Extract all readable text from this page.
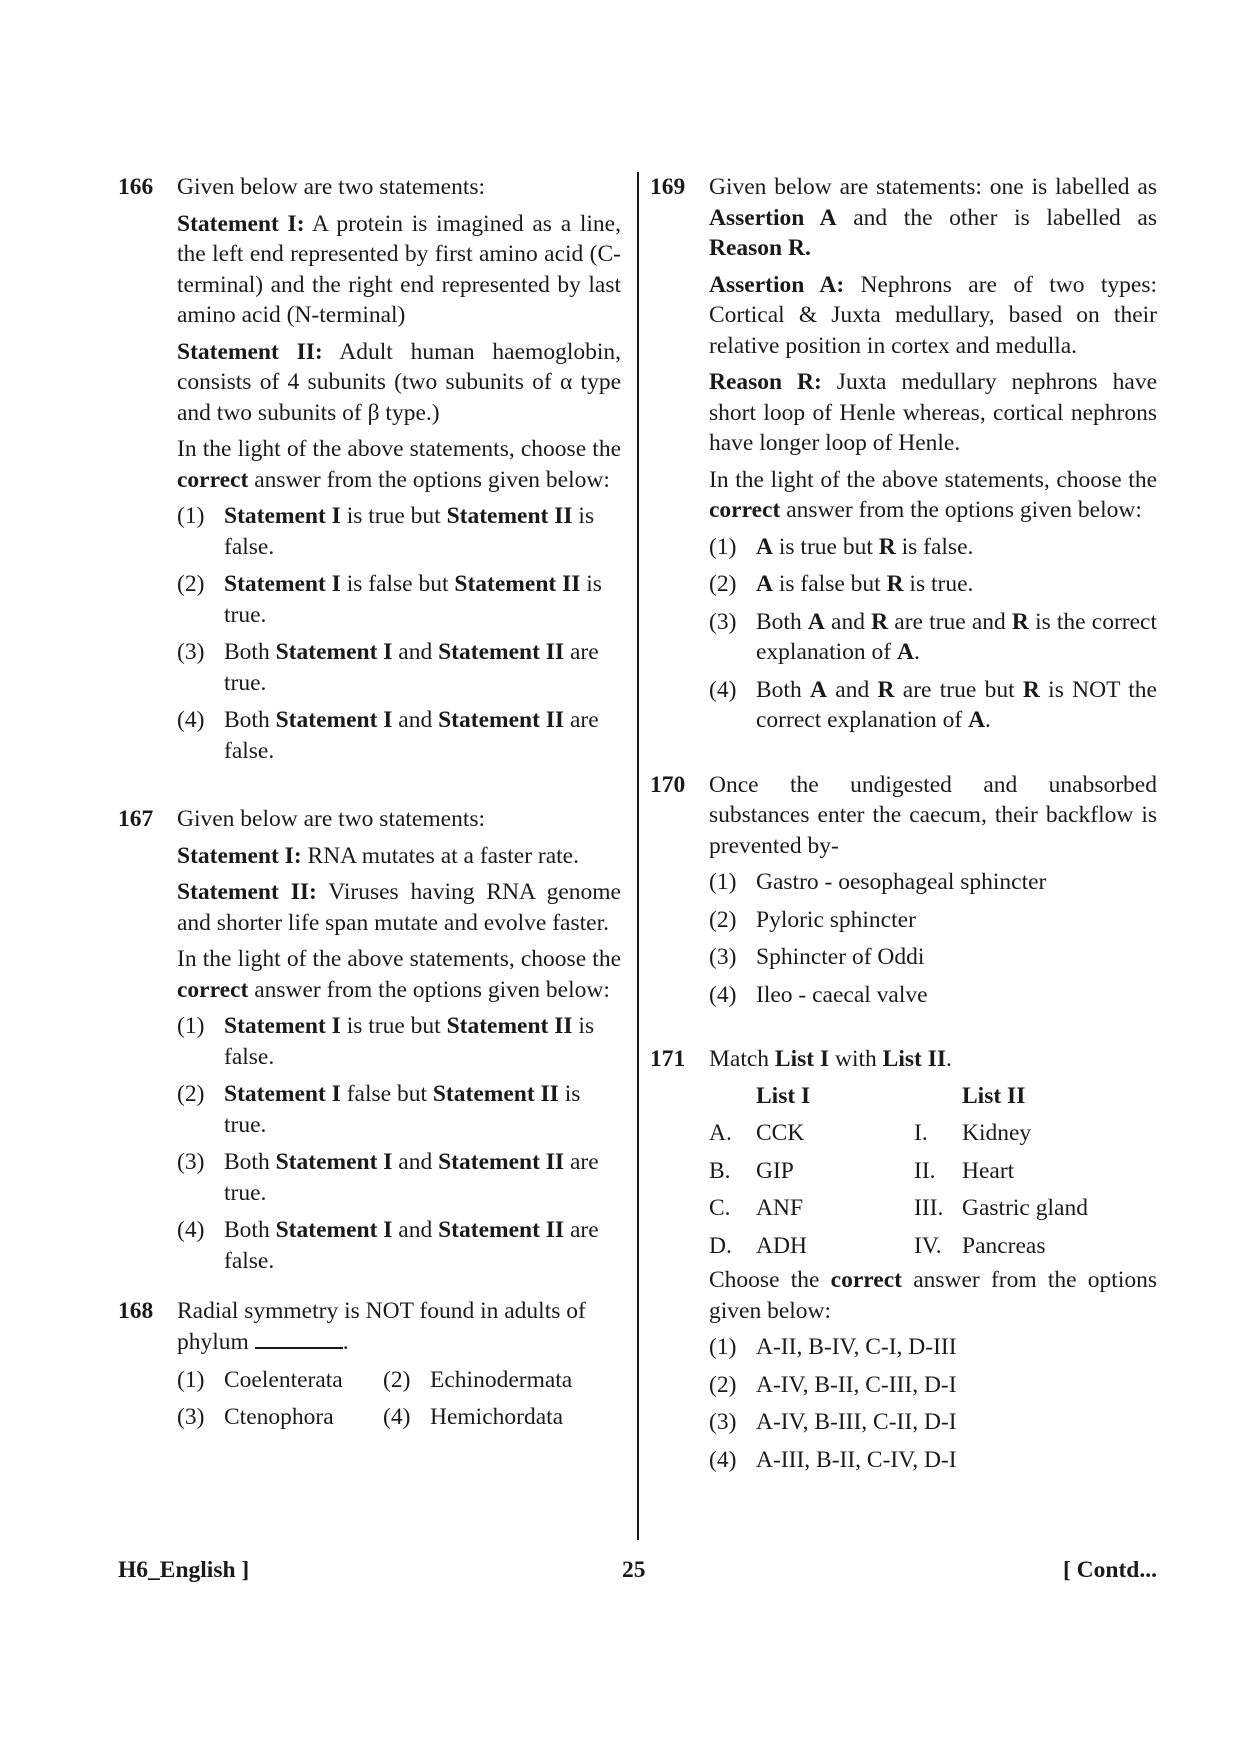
166 Given below are two statements:

Statement I: A protein is imagined as a line, the left end represented by first amino acid (C-terminal) and the right end represented by last amino acid (N-terminal)

Statement II: Adult human haemoglobin, consists of 4 subunits (two subunits of α type and two subunits of β type.)

In the light of the above statements, choose the correct answer from the options given below:

(1) Statement I is true but Statement II is false.
(2) Statement I is false but Statement II is true.
(3) Both Statement I and Statement II are true.
(4) Both Statement I and Statement II are false.
167 Given below are two statements:

Statement I: RNA mutates at a faster rate.

Statement II: Viruses having RNA genome and shorter life span mutate and evolve faster.

In the light of the above statements, choose the correct answer from the options given below:

(1) Statement I is true but Statement II is false.
(2) Statement I false but Statement II is true.
(3) Both Statement I and Statement II are true.
(4) Both Statement I and Statement II are false.
168 Radial symmetry is NOT found in adults of phylum	.

(1) Coelenterata	(2) Echinodermata
(3) Ctenophora	(4) Hemichordata
169 Given below are statements: one is labelled as Assertion A and the other is labelled as Reason R.

Assertion A: Nephrons are of two types: Cortical & Juxta medullary, based on their relative position in cortex and medulla.

Reason R: Juxta medullary nephrons have short loop of Henle whereas, cortical nephrons have longer loop of Henle.

In the light of the above statements, choose the correct answer from the options given below:

(1) A is true but R is false.
(2) A is false but R is true.
(3) Both A and R are true and R is the correct explanation of A.
(4) Both A and R are true but R is NOT the correct explanation of A.
170 Once the undigested and unabsorbed substances enter the caecum, their backflow is prevented by-

(1) Gastro - oesophageal sphincter
(2) Pyloric sphincter
(3) Sphincter of Oddi
(4) Ileo - caecal valve
171 Match List I with List II.

List I	List II
A.	CCK	I.	Kidney
B.	GIP	II.	Heart
C.	ANF	III. Gastric gland
D.	ADH	IV. Pancreas

Choose the correct answer from the options given below:

(1) A-II, B-IV, C-I, D-III
(2) A-IV, B-II, C-III, D-I
(3) A-IV, B-III, C-II, D-I
(4) A-III, B-II, C-IV, D-I
H6_English ]	25	[ Contd...
